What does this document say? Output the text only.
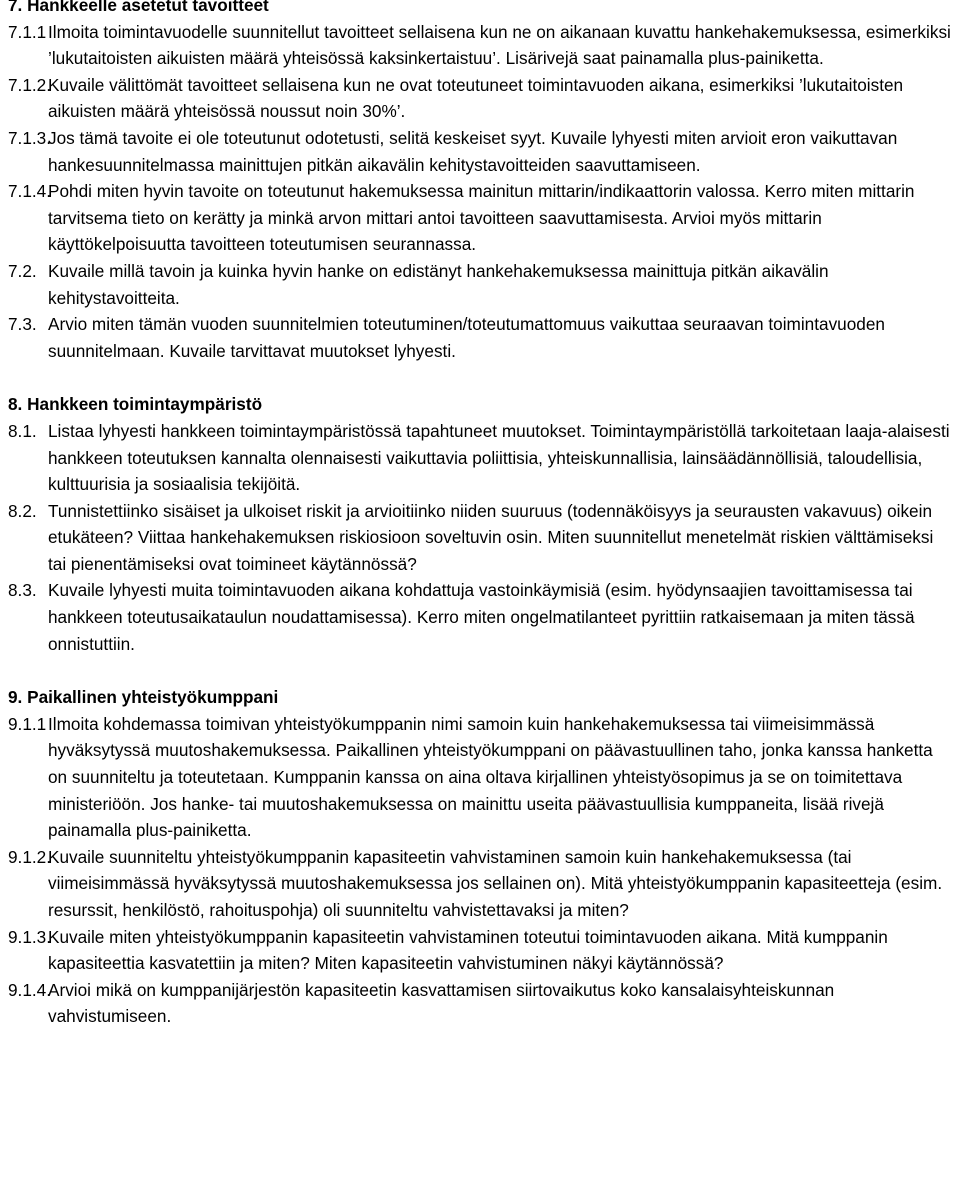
7. Hankkeelle asetetut tavoitteet

7.1.1 Ilmoita toimintavuodelle suunnitellut tavoitteet sellaisena kun ne on aikanaan kuvattu hankehakemuksessa, esimerkiksi ’lukutaitoisten aikuisten määrä yhteisössä kaksinkertaistuu’. Lisärivejä saat painamalla plus-painiketta.

7.1.2.

Kuvaile välittömät tavoitteet sellaisena kun ne ovat toteutuneet toimintavuoden aikana, esimerkiksi ’lukutaitoisten aikuisten määrä yhteisössä noussut noin 30%’.

7.1.3.

Jos tämä tavoite ei ole toteutunut odotetusti, selitä keskeiset syyt. Kuvaile lyhyesti miten arvioit eron vaikuttavan hankesuunnitelmassa mainittujen pitkän aikavälin kehitystavoitteiden saavuttamiseen.

7.1.4.

Pohdi miten hyvin tavoite on toteutunut hakemuksessa mainitun mittarin/indikaattorin valossa. Kerro miten mittarin tarvitsema tieto on kerätty ja minkä arvon mittari antoi tavoitteen saavuttamisesta. Arvioi myös mittarin käyttökelpoisuutta tavoitteen toteutumisen seurannassa.

7.2. Kuvaile millä tavoin ja kuinka hyvin hanke on edistänyt hankehakemuksessa mainittuja pitkän aikavälin kehitystavoitteita.

7.3. Arvio miten tämän vuoden suunnitelmien toteutuminen/toteutumattomuus vaikuttaa seuraavan toimintavuoden suunnitelmaan. Kuvaile tarvittavat muutokset lyhyesti.

8. Hankkeen toimintaympäristö

8.1. Listaa lyhyesti hankkeen toimintaympäristössä tapahtuneet muutokset. Toimintaympäristöllä tarkoitetaan laaja-alaisesti hankkeen toteutuksen kannalta olennaisesti vaikuttavia poliittisia, yhteiskunnallisia, lainsäädännöllisiä, taloudellisia, kulttuurisia ja sosiaalisia tekijöitä.

8.2. Tunnistettiinko sisäiset ja ulkoiset riskit ja arvioitiinko niiden suuruus (todennäköisyys ja seurausten vakavuus) oikein etukäteen? Viittaa hankehakemuksen riskiosioon soveltuvin osin. Miten suunnitellut menetelmät riskien välttämiseksi tai pienentämiseksi ovat toimineet käytännössä?

8.3. Kuvaile lyhyesti muita toimintavuoden aikana kohdattuja vastoinkäymisiä (esim. hyödynsaajien tavoittamisessa tai hankkeen toteutusaikataulun noudattamisessa). Kerro miten ongelmatilanteet pyrittiin ratkaisemaan ja miten tässä onnistuttiin.

9. Paikallinen yhteistyökumppani

9.1.1 Ilmoita kohdemassa toimivan yhteistyökumppanin nimi samoin kuin hankehakemuksessa tai viimeisimmässä hyväksytyssä muutoshakemuksessa. Paikallinen yhteistyökumppani on päävastuullinen taho, jonka kanssa hanketta on suunniteltu ja toteutetaan. Kumppanin kanssa on aina oltava kirjallinen yhteistyösopimus ja se on toimitettava ministeriöön. Jos hanke- tai muutoshakemuksessa on mainittu useita päävastuullisia kumppaneita, lisää rivejä painamalla plus-painiketta.

9.1.2.

Kuvaile suunniteltu yhteistyökumppanin kapasiteetin vahvistaminen samoin kuin hankehakemuksessa (tai viimeisimmässä hyväksytyssä muutoshakemuksessa jos sellainen on). Mitä yhteistyökumppanin kapasiteetteja (esim. resurssit, henkilöstö, rahoituspohja) oli suunniteltu vahvistettavaksi ja miten?

9.1.3.

Kuvaile miten yhteistyökumppanin kapasiteetin vahvistaminen toteutui toimintavuoden aikana. Mitä kumppanin kapasiteettia kasvatettiin ja miten? Miten kapasiteetin vahvistuminen näkyi käytännössä?

9.1.4.

Arvioi mikä on kumppanijärjestön kapasiteetin kasvattamisen siirtovaikutus koko kansalaisyhteiskunnan vahvistumiseen.
